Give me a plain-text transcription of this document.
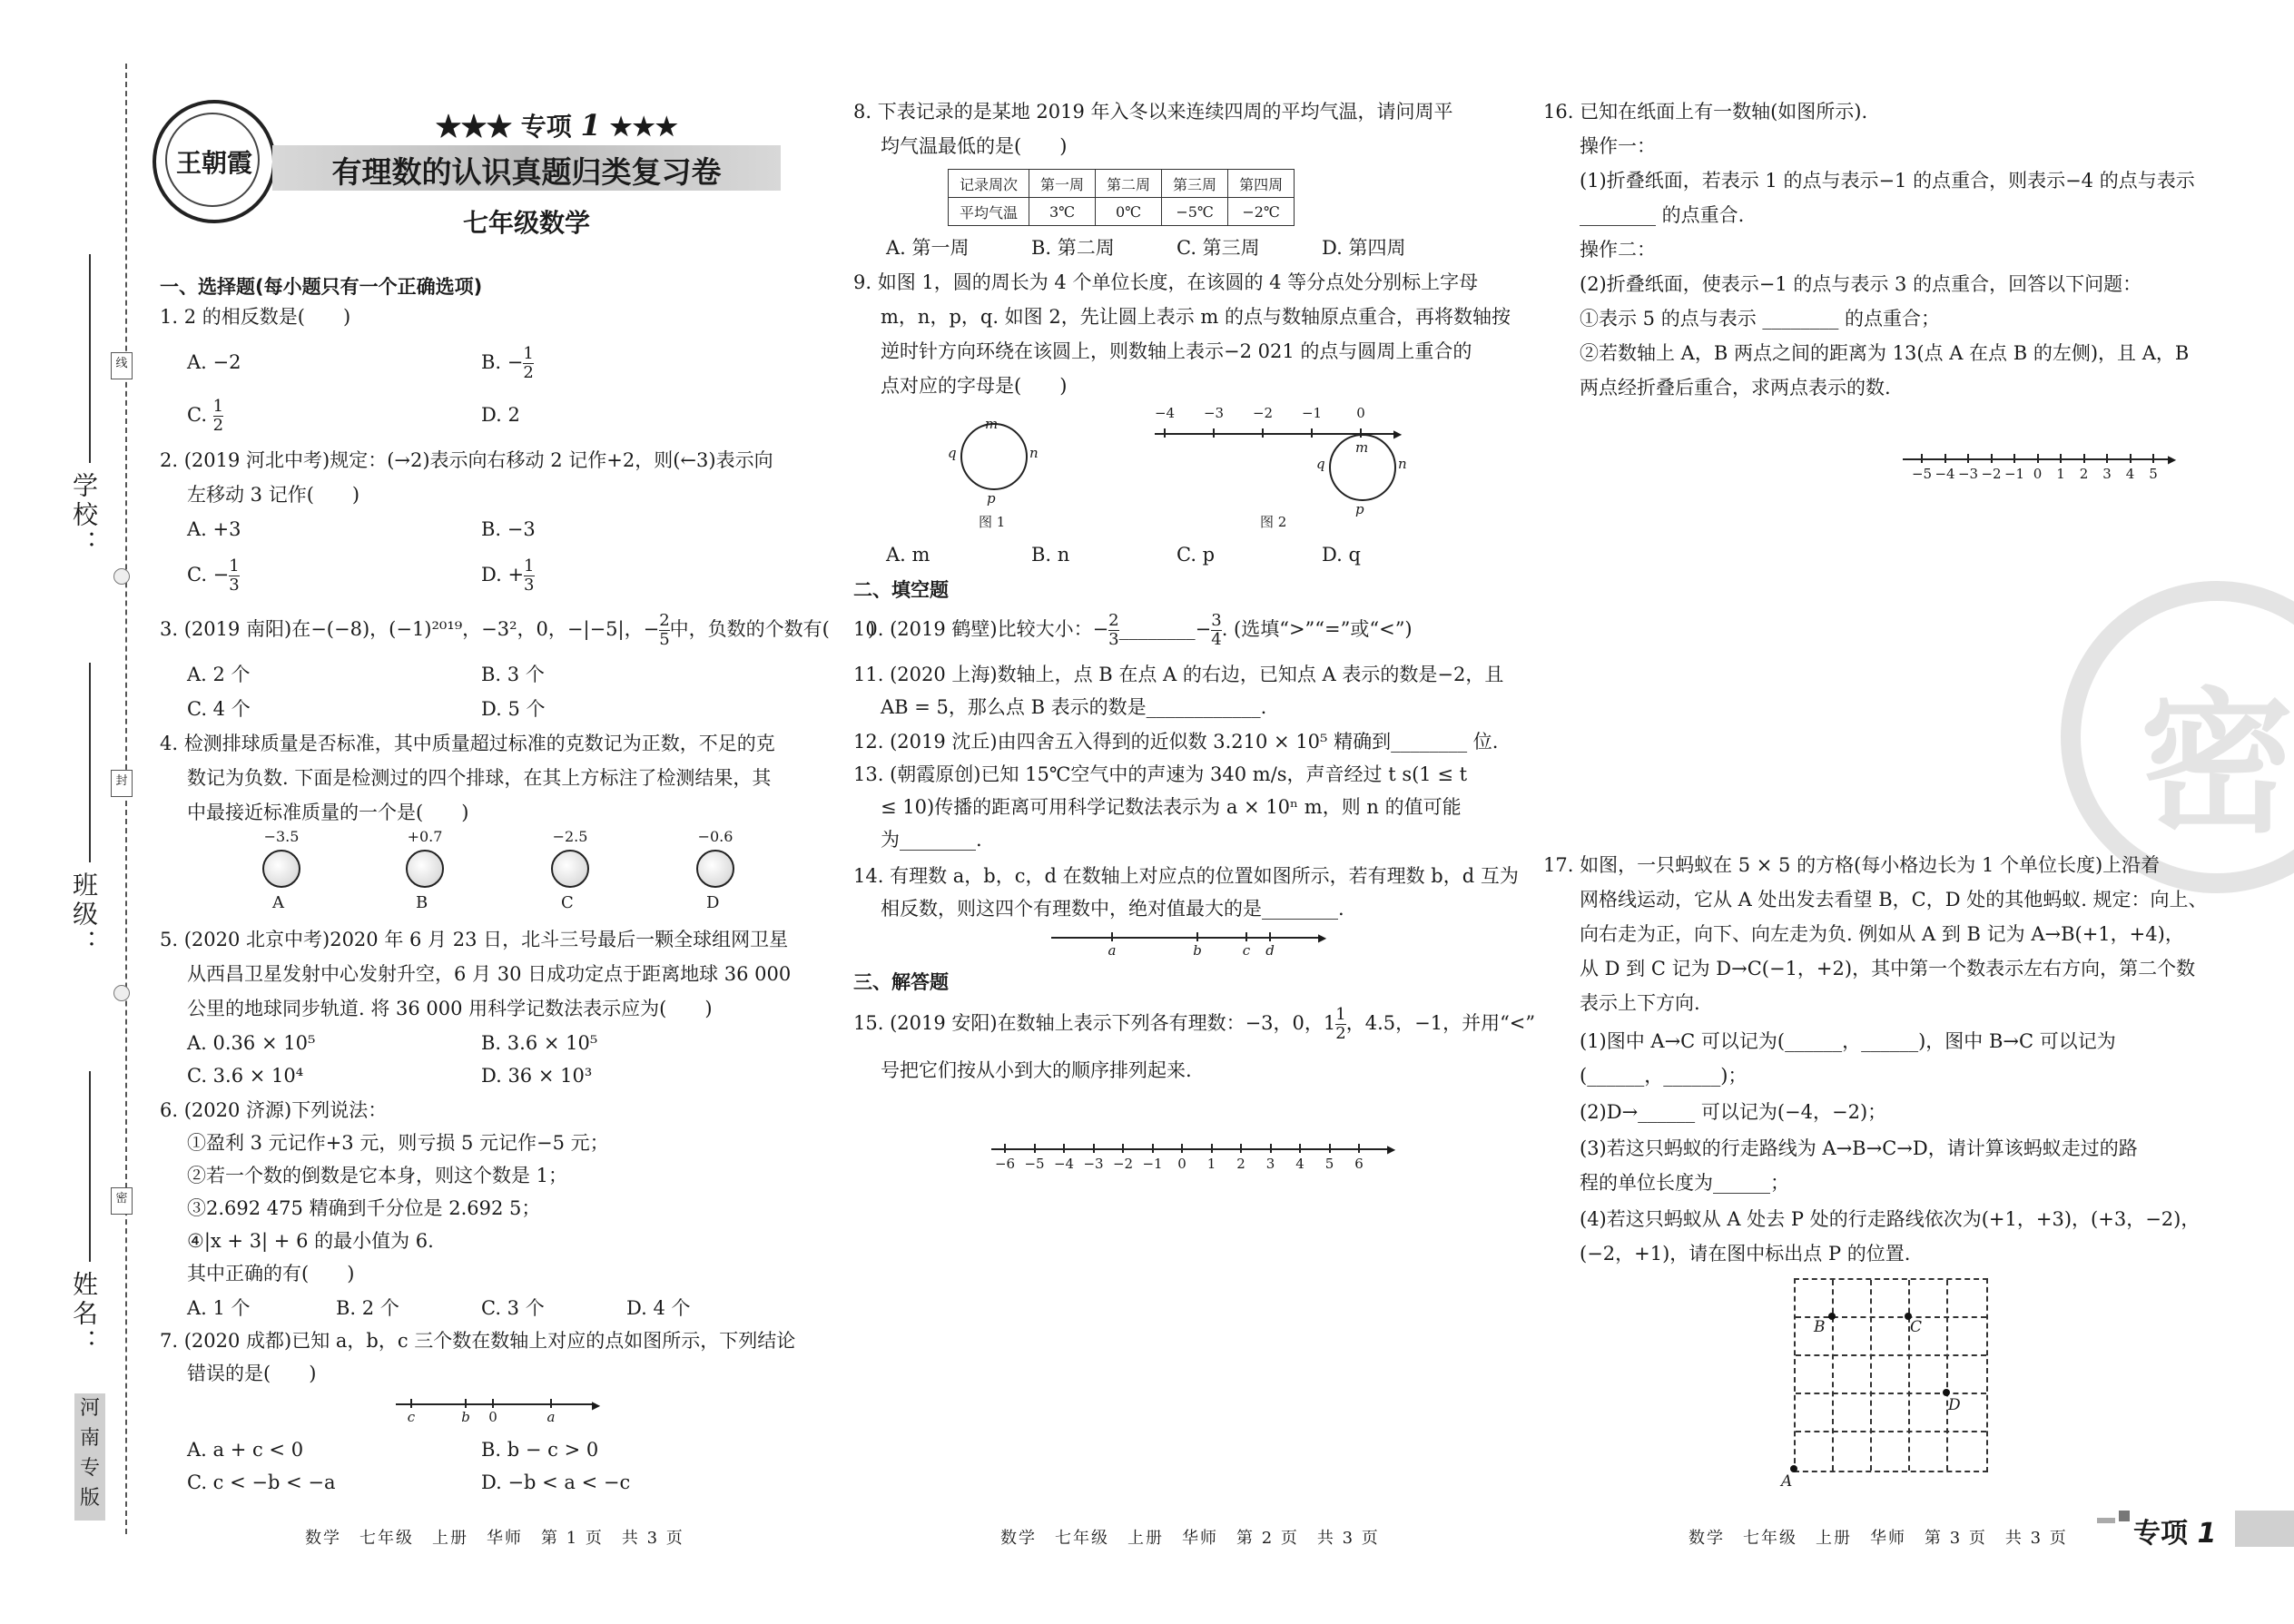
学校：
班级：
姓名：
线
封
密
河
南
专
版
王朝霞
★★★ 专项 1 ★★★
有理数的认识真题归类复习卷
七年级数学
一、选择题(每小题只有一个正确选项)
1. 2 的相反数是(　　)
A. −2	B. − $\frac{1}{2}$
C. $\frac{1}{2}$	D. 2
2. (2019 河北中考)规定：(→2)表示向右移动 2 记作+2，则(←3)表示向
左移动 3 记作(　　)
A. +3	B. −3
C. − $\frac{1}{3}$	D. + $\frac{1}{3}$
3. (2019 南阳)在−(−8)，(−1)²⁰¹⁹，−3²，0，−|−5|，− $\frac{2}{5}$ 中，负数的个数有(　　)
A. 2 个	B. 3 个
C. 4 个	D. 5 个
4. 检测排球质量是否标准，其中质量超过标准的克数记为正数，不足的克
数记为负数. 下面是检测过的四个排球，在其上方标注了检测结果，其
中最接近标准质量的一个是(　　)
−3.5
A
+0.7
B
−2.5
C
−0.6
D
5. (2020 北京中考)2020 年 6 月 23 日，北斗三号最后一颗全球组网卫星
从西昌卫星发射中心发射升空，6 月 30 日成功定点于距离地球 36 000
公里的地球同步轨道. 将 36 000 用科学记数法表示应为(　　)
A. 0.36 × 10⁵	B. 3.6 × 10⁵
C. 3.6 × 10⁴	D. 36 × 10³
6. (2020 济源)下列说法：
①盈利 3 元记作+3 元，则亏损 5 元记作−5 元；
②若一个数的倒数是它本身，则这个数是 1；
③2.692 475 精确到千分位是 2.692 5；
④|x + 3| + 6 的最小值为 6.
其中正确的有(　　)
A. 1 个	B. 2 个	C. 3 个	D. 4 个
7. (2020 成都)已知 a，b，c 三个数在数轴上对应的点如图所示，下列结论
错误的是(　　)
▶
c	b	0	a
A. a + c < 0	B. b − c > 0
C. c < −b < −a	D. −b < a < −c
数学　七年级　上册　华师　第 1 页　共 3 页
8. 下表记录的是某地 2019 年入冬以来连续四周的平均气温，请问周平
均气温最低的是(　　)
记录周次	第一周	第二周	第三周	第四周
平均气温	3℃	0℃	−5℃	−2℃
A. 第一周	B. 第二周	C. 第三周	D. 第四周
9. 如图 1，圆的周长为 4 个单位长度，在该圆的 4 等分点处分别标上字母
m，n，p，q. 如图 2，先让圆上表示 m 的点与数轴原点重合，再将数轴按
逆时针方向环绕在该圆上，则数轴上表示−2 021 的点与圆周上重合的
点对应的字母是(　　)
m
n
p
q
图 1
▶
−4	−3	−2	−1	0
m
n
p
q
图 2
A. m	B. n	C. p	D. q
二、填空题
10. (2019 鹤壁)比较大小：− $\frac{2}{3}$ ________− $\frac{3}{4}$ . (选填“>”“=”或“<”)
11. (2020 上海)数轴上，点 B 在点 A 的右边，已知点 A 表示的数是−2，且
AB = 5，那么点 B 表示的数是____________.
12. (2019 沈丘)由四舍五入得到的近似数 3.210 × 10⁵ 精确到________ 位.
13. (朝霞原创)已知 15℃空气中的声速为 340 m/s，声音经过 t s(1 ≤ t
≤ 10)传播的距离可用科学记数法表示为 a × 10ⁿ m，则 n 的值可能
为________.
14. 有理数 a，b，c，d 在数轴上对应点的位置如图所示，若有理数 b，d 互为
相反数，则这四个有理数中，绝对值最大的是________.
▶
a	b	c	d
三、解答题
15. (2019 安阳)在数轴上表示下列各有理数：−3，0，$1 \frac{1}{2}$ ，4.5，−1，并用“<”
号把它们按从小到大的顺序排列起来.
▶
−6 −5 −4 −3 −2 −1	0	1	2	3	4	5	6
数学　七年级　上册　华师　第 2 页　共 3 页
16. 已知在纸面上有一数轴(如图所示).
操作一：
(1)折叠纸面，若表示 1 的点与表示−1 的点重合，则表示−4 的点与表示
________ 的点重合.
操作二：
(2)折叠纸面，使表示−1 的点与表示 3 的点重合，回答以下问题：
①表示 5 的点与表示 ________ 的点重合；
②若数轴上 A，B 两点之间的距离为 13(点 A 在点 B 的左侧)，且 A，B
两点经折叠后重合，求两点表示的数.
▶
−5 −4 −3 −2 −1 0	1	2	3	4	5
密
17. 如图，一只蚂蚁在 5 × 5 的方格(每小格边长为 1 个单位长度)上沿着
网格线运动，它从 A 处出发去看望 B，C，D 处的其他蚂蚁. 规定：向上、
向右走为正，向下、向左走为负. 例如从 A 到 B 记为 A→B(+1，+4)，
从 D 到 C 记为 D→C(−1，+2)，其中第一个数表示左右方向，第二个数
表示上下方向.
(1)图中 A→C 可以记为(______，______)，图中 B→C 可以记为
(______，______)；
(2)D→______ 可以记为(−4，−2)；
(3)若这只蚂蚁的行走路线为 A→B→C→D，请计算该蚂蚁走过的路
程的单位长度为______；
(4)若这只蚂蚁从 A 处去 P 处的行走路线依次为(+1，+3)，(+3，−2)，
(−2，+1)，请在图中标出点 P 的位置.
A
B	C
D
数学　七年级　上册　华师　第 3 页　共 3 页 专项 1
